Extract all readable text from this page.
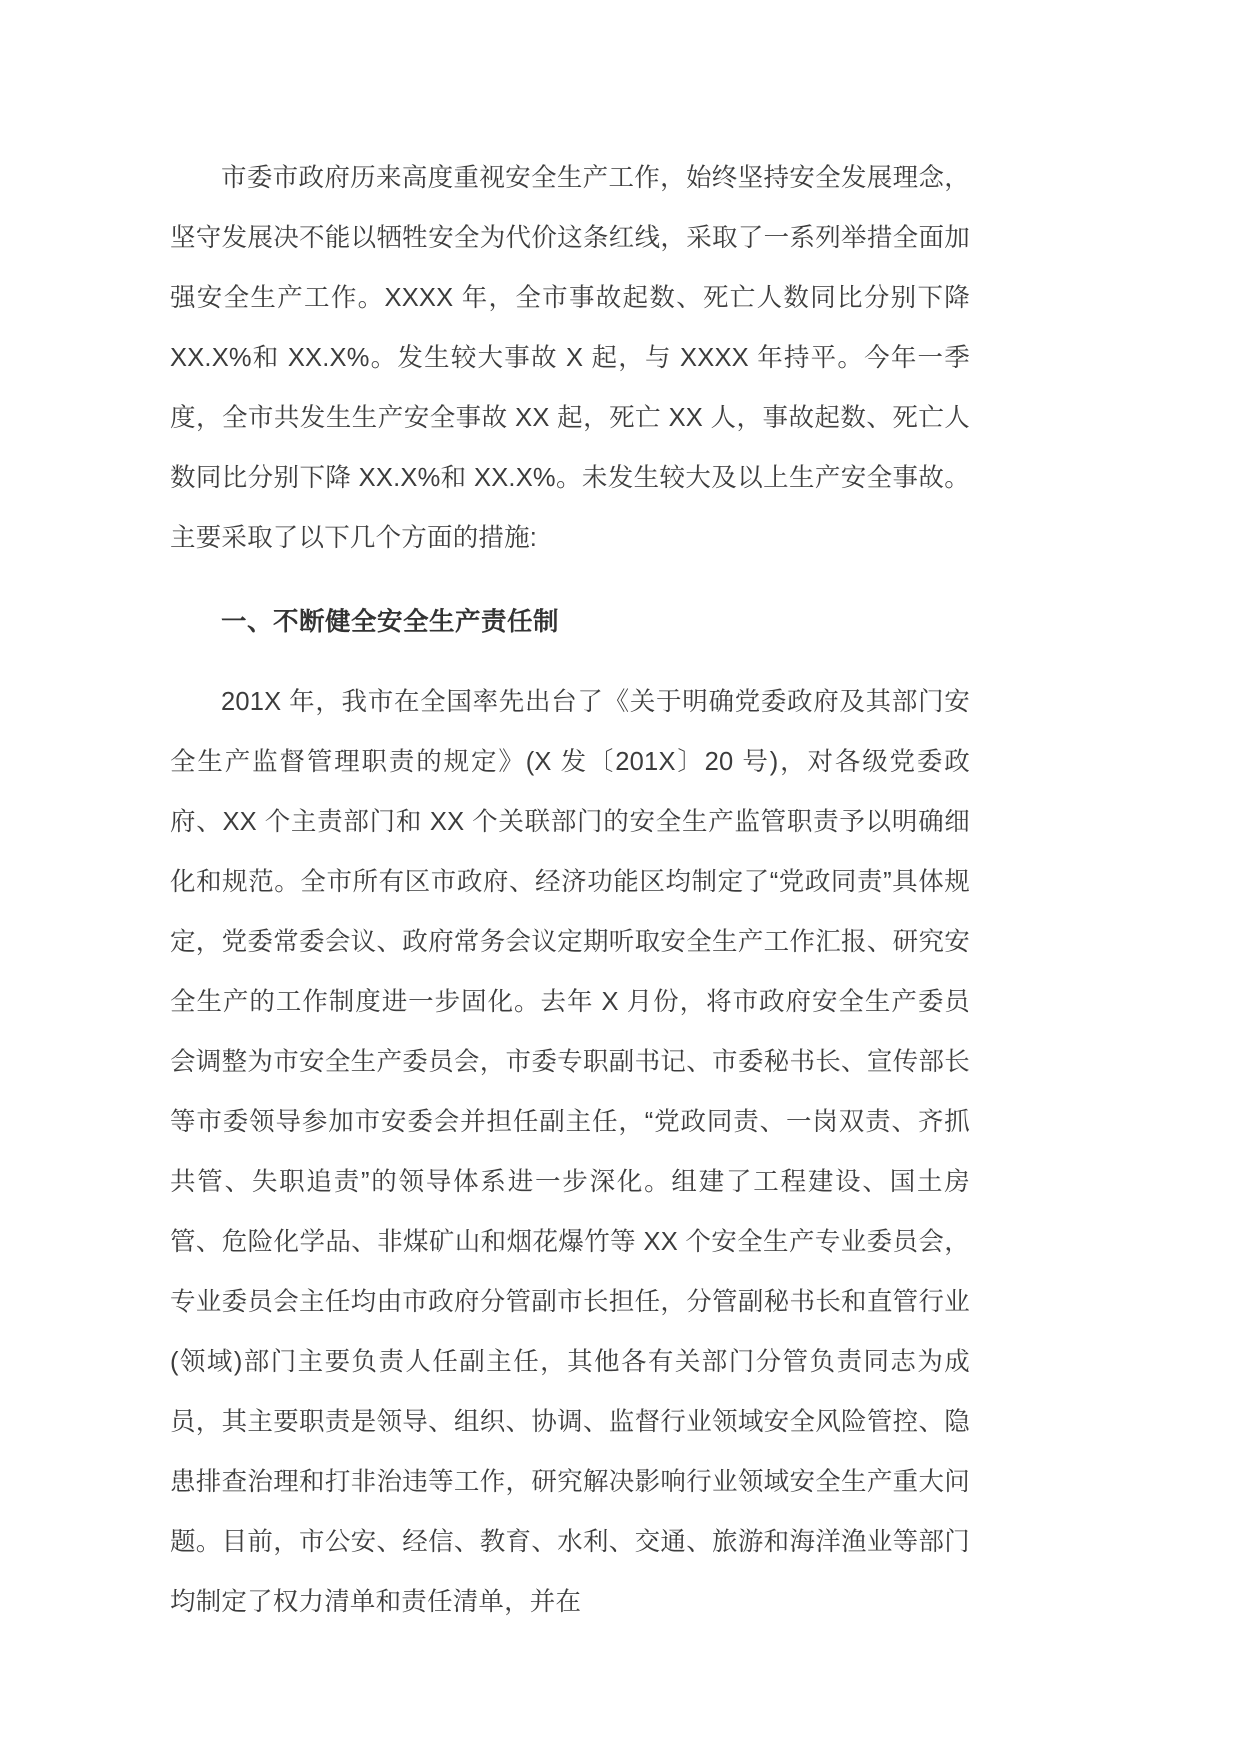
市委市政府历来高度重视安全生产工作，始终坚持安全发展理念，坚守发展决不能以牺牲安全为代价这条红线，采取了一系列举措全面加强安全生产工作。XXXX 年，全市事故起数、死亡人数同比分别下降 XX.X%和 XX.X%。发生较大事故 X 起，与 XXXX 年持平。今年一季度，全市共发生生产安全事故 XX 起，死亡 XX 人，事故起数、死亡人数同比分别下降 XX.X%和 XX.X%。未发生较大及以上生产安全事故。主要采取了以下几个方面的措施:

一、不断健全安全生产责任制

201X 年，我市在全国率先出台了《关于明确党委政府及其部门安全生产监督管理职责的规定》(X 发〔201X〕20 号)，对各级党委政府、XX 个主责部门和 XX 个关联部门的安全生产监管职责予以明确细化和规范。全市所有区市政府、经济功能区均制定了“党政同责”具体规定，党委常委会议、政府常务会议定期听取安全生产工作汇报、研究安全生产的工作制度进一步固化。去年 X 月份，将市政府安全生产委员会调整为市安全生产委员会，市委专职副书记、市委秘书长、宣传部长等市委领导参加市安委会并担任副主任，“党政同责、一岗双责、齐抓共管、失职追责”的领导体系进一步深化。组建了工程建设、国土房管、危险化学品、非煤矿山和烟花爆竹等 XX 个安全生产专业委员会，专业委员会主任均由市政府分管副市长担任，分管副秘书长和直管行业(领域)部门主要负责人任副主任，其他各有关部门分管负责同志为成员，其主要职责是领导、组织、协调、监督行业领域安全风险管控、隐患排查治理和打非治违等工作，研究解决影响行业领域安全生产重大问题。目前，市公安、经信、教育、水利、交通、旅游和海洋渔业等部门均制定了权力清单和责任清单，并在
